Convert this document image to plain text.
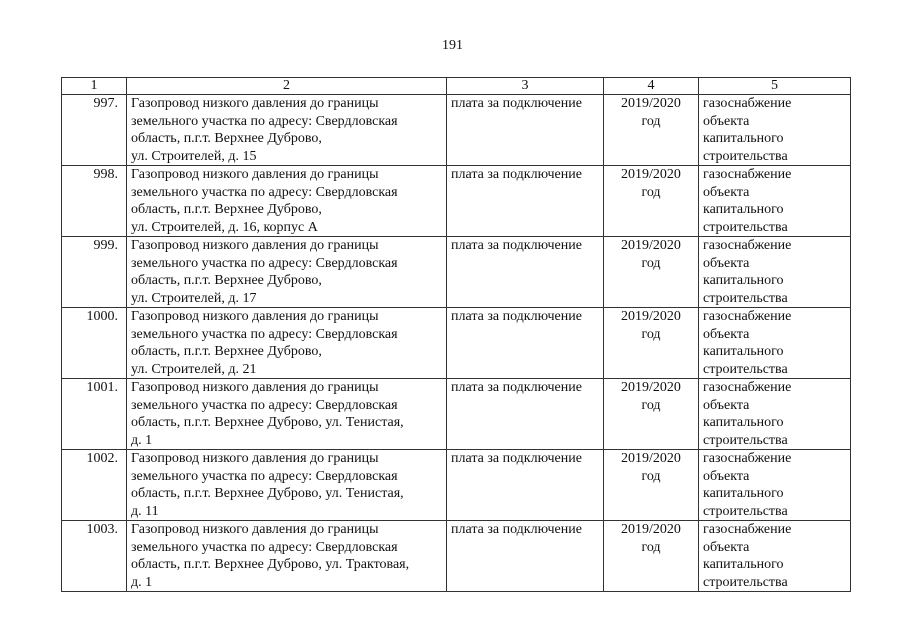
191
1	2	3	4	5
997.	Газопровод низкого давления до границы
земельного участка по адресу: Свердловская
область, п.г.т. Верхнее Дуброво,
ул. Строителей, д. 15	плата за подключение	2019/2020
год	газоснабжение
объекта
капитального
строительства

998.	Газопровод низкого давления до границы
земельного участка по адресу: Свердловская
область, п.г.т. Верхнее Дуброво,
ул. Строителей, д. 16, корпус А	плата за подключение	2019/2020
год	газоснабжение
объекта
капитального
строительства

999.	Газопровод низкого давления до границы
земельного участка по адресу: Свердловская
область, п.г.т. Верхнее Дуброво,
ул. Строителей, д. 17	плата за подключение	2019/2020
год	газоснабжение
объекта
капитального
строительства

1000.	Газопровод низкого давления до границы
земельного участка по адресу: Свердловская
область, п.г.т. Верхнее Дуброво,
ул. Строителей, д. 21	плата за подключение	2019/2020
год	газоснабжение
объекта
капитального
строительства

1001.	Газопровод низкого давления до границы
земельного участка по адресу: Свердловская
область, п.г.т. Верхнее Дуброво, ул. Тенистая,
д. 1	плата за подключение	2019/2020
год	газоснабжение
объекта
капитального
строительства

1002.	Газопровод низкого давления до границы
земельного участка по адресу: Свердловская
область, п.г.т. Верхнее Дуброво, ул. Тенистая,
д. 11	плата за подключение	2019/2020
год	газоснабжение
объекта
капитального
строительства

1003.	Газопровод низкого давления до границы
земельного участка по адресу: Свердловская
область, п.г.т. Верхнее Дуброво, ул. Трактовая,
д. 1	плата за подключение	2019/2020
год	газоснабжение
объекта
капитального
строительства
